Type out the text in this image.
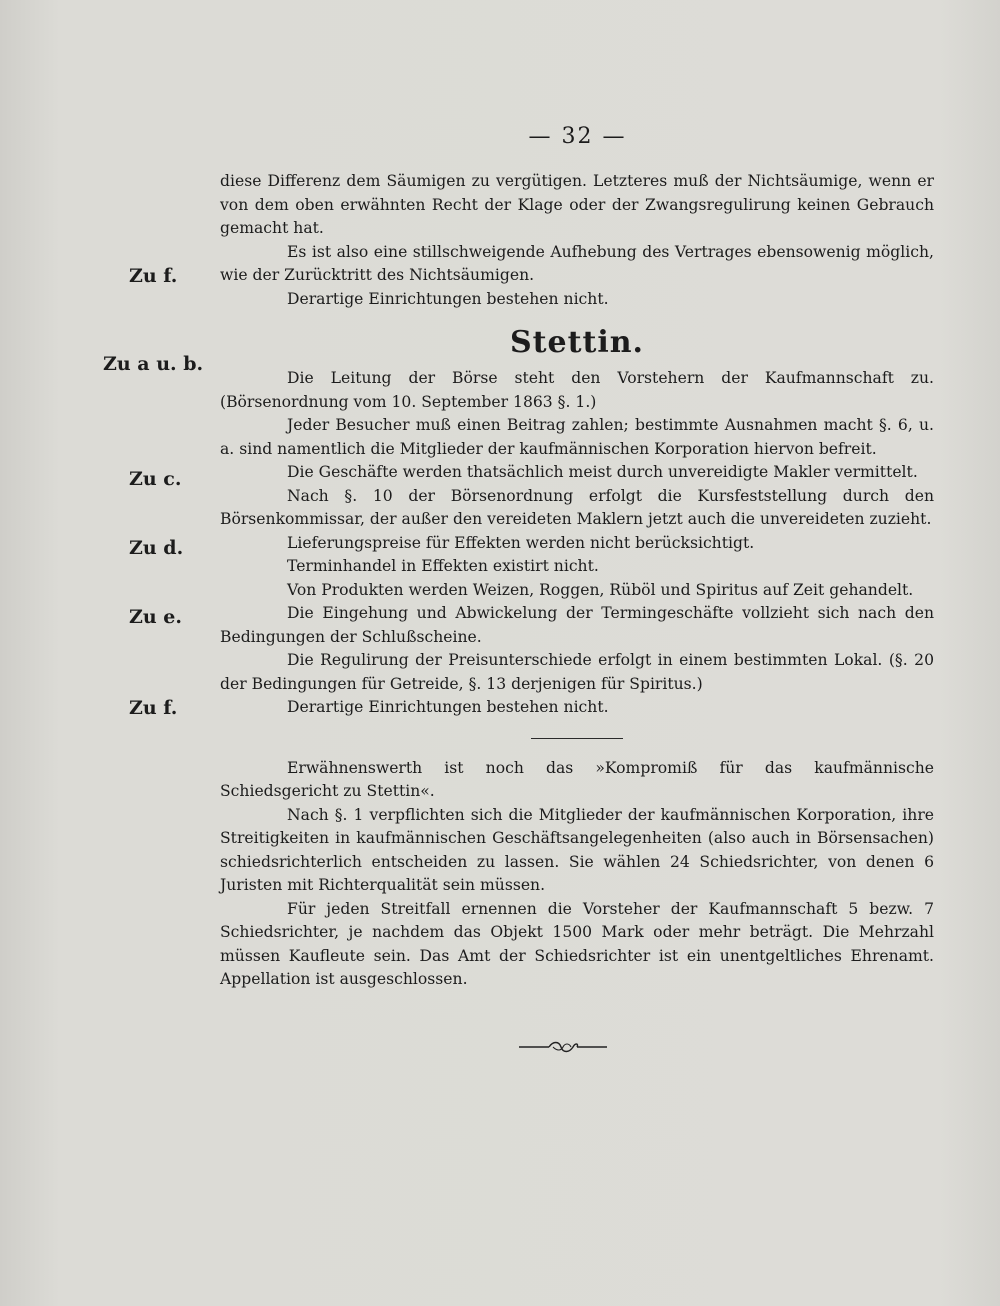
— 32 —
Zu f.
Zu a u. b.
Zu c.
Zu d.
Zu e.
Zu f.

diese Differenz dem Säumigen zu vergütigen. Letzteres muß der Nichtsäumige, wenn er von dem oben erwähnten Recht der Klage oder der Zwangsregulirung keinen Gebrauch gemacht hat.

Es ist also eine stillschweigende Aufhebung des Vertrages ebensowenig möglich, wie der Zurücktritt des Nichtsäumigen.

Derartige Einrichtungen bestehen nicht.

Stettin.

Die Leitung der Börse steht den Vorstehern der Kaufmannschaft zu. (Börsenordnung vom 10. September 1863 §. 1.)

Jeder Besucher muß einen Beitrag zahlen; bestimmte Ausnahmen macht §. 6, u. a. sind namentlich die Mitglieder der kaufmännischen Korporation hiervon befreit.

Die Geschäfte werden thatsächlich meist durch unvereidigte Makler vermittelt.

Nach §. 10 der Börsenordnung erfolgt die Kursfeststellung durch den Börsenkommissar, der außer den vereideten Maklern jetzt auch die unvereideten zuzieht.

Lieferungspreise für Effekten werden nicht berücksichtigt.

Terminhandel in Effekten existirt nicht.

Von Produkten werden Weizen, Roggen, Rüböl und Spiritus auf Zeit gehandelt.

Die Eingehung und Abwickelung der Termingeschäfte vollzieht sich nach den Bedingungen der Schlußscheine.

Die Regulirung der Preisunterschiede erfolgt in einem bestimmten Lokal. (§. 20 der Bedingungen für Getreide, §. 13 derjenigen für Spiritus.)

Derartige Einrichtungen bestehen nicht.

Erwähnenswerth ist noch das »Kompromiß für das kaufmännische Schiedsgericht zu Stettin«.

Nach §. 1 verpflichten sich die Mitglieder der kaufmännischen Korporation, ihre Streitigkeiten in kaufmännischen Geschäftsangelegenheiten (also auch in Börsensachen) schiedsrichterlich entscheiden zu lassen. Sie wählen 24 Schiedsrichter, von denen 6 Juristen mit Richterqualität sein müssen.

Für jeden Streitfall ernennen die Vorsteher der Kaufmannschaft 5 bezw. 7 Schiedsrichter, je nachdem das Objekt 1500 Mark oder mehr beträgt. Die Mehrzahl müssen Kaufleute sein. Das Amt der Schiedsrichter ist ein unentgeltliches Ehrenamt. Appellation ist ausgeschlossen.
